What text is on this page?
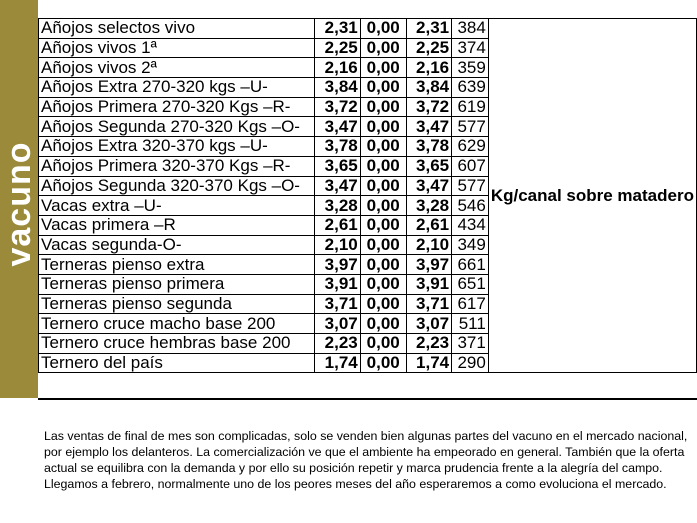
vacuno
Añojos selectos vivo	2,31	0,00	2,31	384	Kg/canal sobre matadero
Añojos vivos 1ª	2,25	0,00	2,25	374	
Añojos vivos 2ª	2,16	0,00	2,16	359	
Añojos Extra 270-320 kgs –U-	3,84	0,00	3,84	639	
Añojos Primera 270-320 Kgs –R-	3,72	0,00	3,72	619	
Añojos Segunda 270-320 Kgs –O-	3,47	0,00	3,47	577	
Añojos Extra 320-370 kgs –U-	3,78	0,00	3,78	629	
Añojos Primera 320-370 Kgs –R-	3,65	0,00	3,65	607	
Añojos Segunda 320-370 Kgs –O-	3,47	0,00	3,47	577	
Vacas extra –U-	3,28	0,00	3,28	546	
Vacas primera –R	2,61	0,00	2,61	434	
Vacas segunda-O-	2,10	0,00	2,10	349	
Terneras pienso extra	3,97	0,00	3,97	661	
Terneras pienso primera	3,91	0,00	3,91	651	
Terneras pienso segunda	3,71	0,00	3,71	617	
Ternero cruce macho base 200	3,07	0,00	3,07	511	
Ternero cruce hembras base 200	2,23	0,00	2,23	371	
Ternero del país	1,74	0,00	1,74	290	
Las ventas de final de mes son complicadas, solo se venden bien algunas partes del vacuno en el mercado nacional, por ejemplo los delanteros. La comercialización ve que el ambiente ha empeorado en general. También que la oferta actual se equilibra con la demanda y por ello su posición repetir y marca prudencia frente a la alegría del campo. Llegamos a febrero, normalmente uno de los peores meses del año esperaremos a como evoluciona el mercado.
